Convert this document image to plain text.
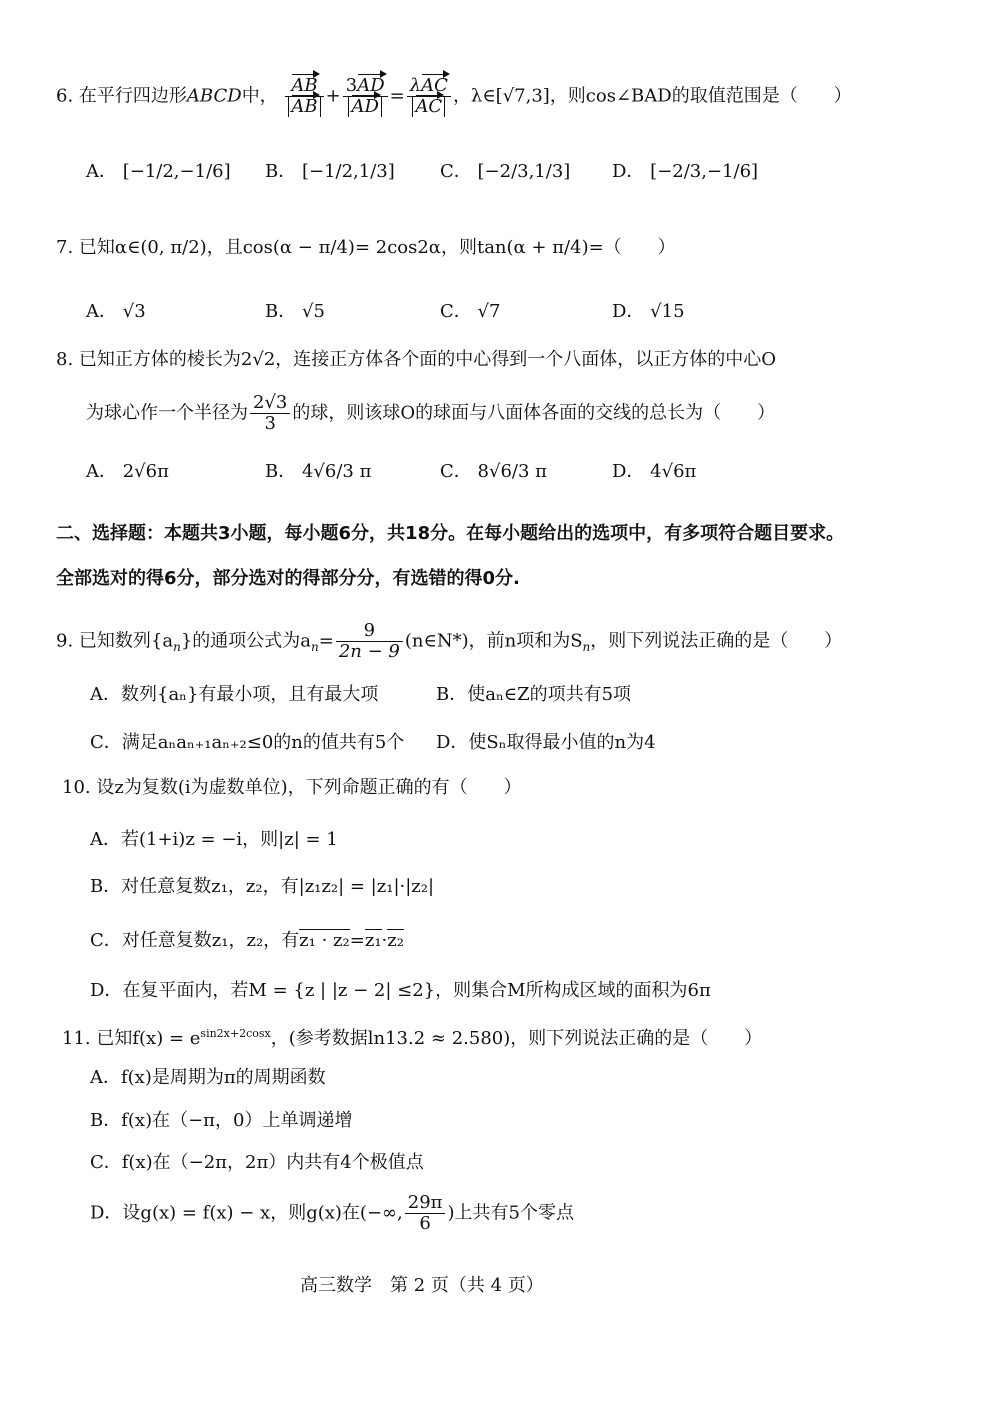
6. 在平行四边形ABCD中， $\frac{AB}{AB} + \frac{3AD}{AD} = \frac{\text{λAC}}{AC}$ ，λ∈[√7,3]，则cos∠BAD的取值范围是（　　）
A． [−1/2,−1/6] B． [−1/2,1/3]	C． [−2/3,1/3] D． [−2/3,−1/6]
7. 已知α∈(0, π/2)，且cos(α − π/4)= 2cos2α，则tan(α + π/4)=（　　）
A． √3	B． √5	C． √7	D． √15
8. 已知正方体的棱长为2√2，连接正方体各个面的中心得到一个八面体，以正方体的中心O
为球心作一个半径为 $\frac{2√3}{3}$ 的球，则该球O的球面与八面体各面的交线的总长为（　　）
A． 2√6π	B． 4√6/3 π	C． 8√6/3 π	D． 4√6π
二、选择题：本题共3小题，每小题6分，共18分。在每小题给出的选项中，有多项符合题目要求。
全部选对的得6分，部分选对的得部分分，有选错的得0分.
9. 已知数列$\{a_n\}$的通项公式为$a_n= \frac{9}{2n - 9}$ (n∈N*)，前n项和为$S_n$，则下列说法正确的是（　　）
A．数列{aₙ}有最小项，且有最大项	B．使aₙ∈Z的项共有5项
C．满足aₙaₙ₊₁aₙ₊₂≤0的n的值共有5个 D．使Sₙ取得最小值的n为4
10. 设z为复数(i为虚数单位)，下列命题正确的有（　　）
A．若(1+i)z = −i，则|z| = 1
B．对任意复数z₁，z₂，有|z₁z₂| = |z₁|·|z₂|
C．对任意复数z₁，z₂，有z₁ · z₂=z₁·z₂
D．在复平面内，若M = {z | |z − 2| ≤2}，则集合M所构成区域的面积为6π
11. 已知$f(x) = e^{sin2x+2cosx}$，(参考数据ln13.2 ≈ 2.580)，则下列说法正确的是（　　）
A．f(x)是周期为π的周期函数
B．f(x)在（−π，0）上单调递增
C．f(x)在（−2π，2π）内共有4个极值点
D．设g(x) = f(x) − x，则g(x)在(−∞, $\frac{29\pi}{6}$ )上共有5个零点
高三数学　第 2 页（共 4 页）
